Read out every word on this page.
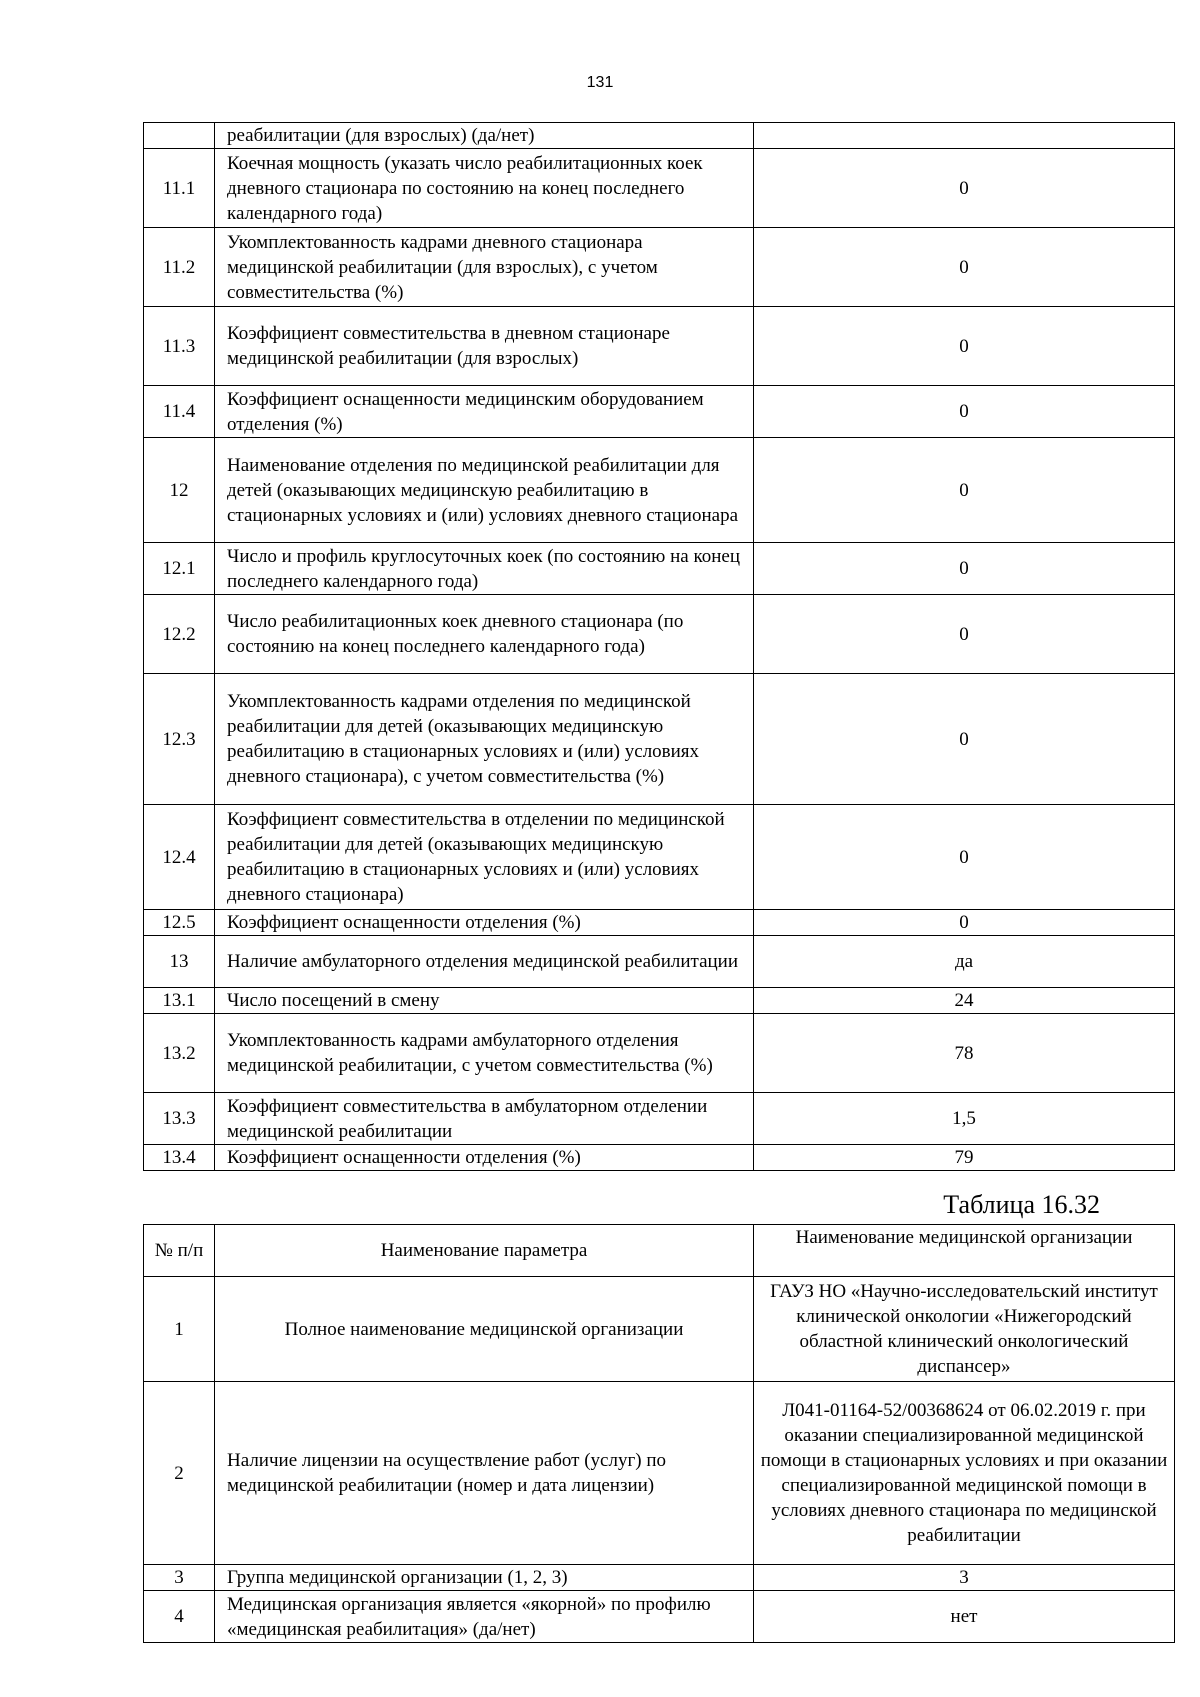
131
	реабилитации (для взрослых) (да/нет)	
11.1	Коечная мощность (указать число реабилитационных коек дневного стационара по состоянию на конец последнего календарного года)	0
11.2	Укомплектованность кадрами дневного стационара медицинской реабилитации (для взрослых), с учетом совместительства (%)	0
11.3	Коэффициент совместительства в дневном стационаре медицинской реабилитации (для взрослых)	0
11.4	Коэффициент оснащенности медицинским оборудованием отделения (%)	0
12	Наименование отделения по медицинской реабилитации для детей (оказывающих медицинскую реабилитацию в стационарных условиях и (или) условиях дневного стационара	0
12.1	Число и профиль круглосуточных коек (по состоянию на конец последнего календарного года)	0
12.2	Число реабилитационных коек дневного стационара (по состоянию на конец последнего календарного года)	0
12.3	Укомплектованность кадрами отделения по медицинской реабилитации для детей (оказывающих медицинскую реабилитацию в стационарных условиях и (или) условиях дневного стационара), с учетом совместительства (%)	0
12.4	Коэффициент совместительства в отделении по медицинской реабилитации для детей (оказывающих медицинскую реабилитацию в стационарных условиях и (или) условиях дневного стационара)	0
12.5	Коэффициент оснащенности отделения (%)	0
13	Наличие амбулаторного отделения медицинской реабилитации	да
13.1	Число посещений в смену	24
13.2	Укомплектованность кадрами амбулаторного отделения медицинской реабилитации, с учетом совместительства (%)	78
13.3	Коэффициент совместительства в амбулаторном отделении медицинской реабилитации	1,5
13.4	Коэффициент оснащенности отделения (%)	79
Таблица 16.32
№ п/п	Наименование параметра	Наименование медицинской организации
1	Полное наименование медицинской организации	ГАУЗ НО «Научно-исследовательский институт клинической онкологии «Нижегородский областной клинический онкологический диспансер»
2	Наличие лицензии на осуществление работ (услуг) по медицинской реабилитации (номер и дата лицензии)	Л041-01164-52/00368624 от 06.02.2019 г. при оказании специализированной медицинской помощи в стационарных условиях и при оказании специализированной медицинской помощи в условиях дневного стационара по медицинской реабилитации
3	Группа медицинской организации (1, 2, 3)	3
4	Медицинская организация является «якорной» по профилю «медицинская реабилитация» (да/нет)	нет
